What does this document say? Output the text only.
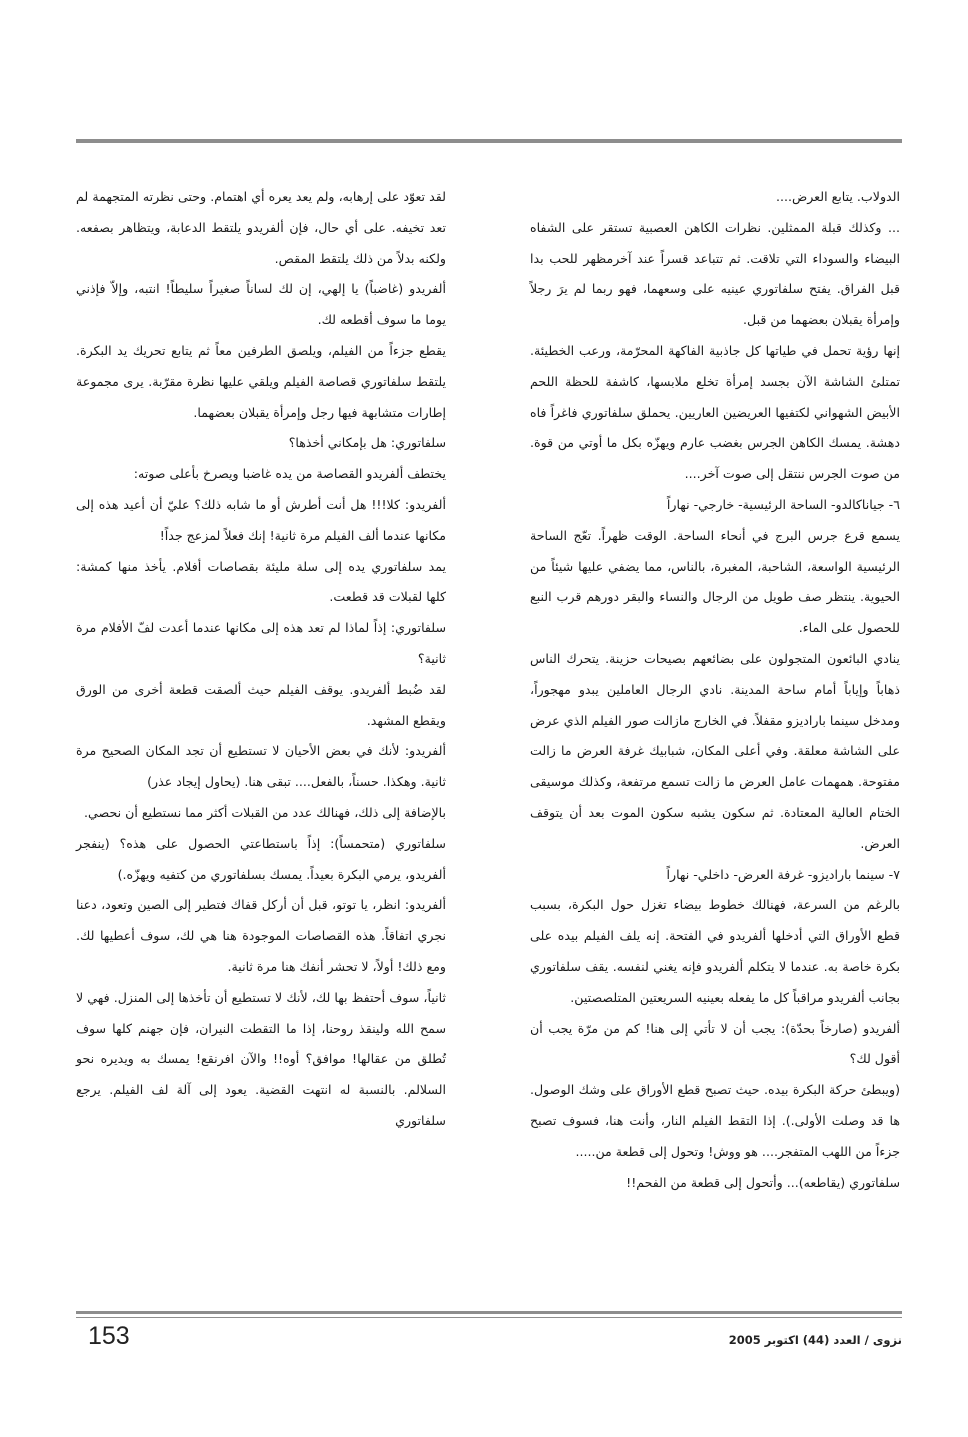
الدولاب. يتابع العرض....

... وكذلك قبلة الممثلين. نظرات الكاهن العصبية تستقر على الشفاه البيضاء والسوداء التي تلاقت. ثم تتباعد قسراً عند آخرمظهر للحب بدا قبل الفراق. يفتح سلفاتوري عينيه على وسعهما، فهو ربما لم يرَ رجلاً وإمرأة يقبلان بعضهما من قبل.

إنها رؤية تحمل في طياتها كل جاذبية الفاكهة المحرّمة، ورعب الخطيئة. تمتلئ الشاشة الآن بجسد إمرأة تخلع ملابسها، كاشفة للحظة اللحم الأبيض الشهواني لكتفيها العريضين العاريين. يحملق سلفاتوري فاغراً فاه دهشة. يمسك الكاهن الجرس بغضب عارم ويهزّه بكل ما أوتي من قوة. من صوت الجرس ننتقل إلى صوت آخر....

٦- جياناكالدو- الساحة الرئيسية- خارجي- نهاراً

يسمع قرع جرس البرج في أنحاء الساحة. الوقت ظهراً. تعّج الساحة الرئيسية الواسعة، الشاحبة، المغبرة، بالناس، مما يضفي عليها شيئاً من الحيوية. ينتظر صف طويل من الرجال والنساء والبقر دورهم قرب النبع للحصول على الماء.

ينادي البائعون المتجولون على بضائعهم بصيحات حزينة. يتحرك الناس ذهاباً وإياباً أمام ساحة المدينة. نادي الرجال العاملين يبدو مهجوراً، ومدخل سينما باراديزو مقفلاً. في الخارج مازالت صور الفيلم الذي عرض على الشاشة معلقة. وفي أعلى المكان، شبابيك غرفة العرض ما زالت مفتوحة. همهمات عامل العرض ما زالت تسمع مرتفعة، وكذلك موسيقى الختام العالية المعتادة. ثم سكون يشبه سكون الموت بعد أن يتوقف العرض.

٧- سينما باراديزو- غرفة العرض- داخلي- نهاراً

بالرغم من السرعة، فهنالك خطوط بيضاء تغزل حول البكرة، بسبب قطع الأوراق التي أدخلها ألفريدو في الفتحة. إنه يلف الفيلم بيده على بكرة خاصة به. عندما لا يتكلم ألفريدو فإنه يغني لنفسه. يقف سلفاتوري بجانب ألفريدو مراقباً كل ما يفعله بعينيه السريعتين المتلصصتين.

ألفريدو (صارخاً بحدّة): يجب أن لا تأتي إلى هنا! كم من مرّة يجب أن أقول لك؟

(ويبطئ حركة البكرة بيده. حيث تصبح قطع الأوراق على وشك الوصول. ها قد وصلت الأولى.). إذا التقط الفيلم النار، وأنت هنا، فسوف تصبح جزءاً من اللهب المتفجر.... هو ووش! وتحول إلى قطعة من.....

سلفاتوري (يقاطعه)... وأتحول إلى قطعة من الفحم!!

لقد تعوّد على إرهابه، ولم يعد يعره أي اهتمام. وحتى نظرته المتجهمة لم تعد تخيفه. على أي حال، فإن ألفريدو يلتقط الدعابة، ويتظاهر بصفعه. ولكنه بدلاً من ذلك يلتقط المقص.

ألفريدو (غاضباً) يا إلهي، إن لك لساناً صغيراً سليطاً! انتبه، وإلاّ فإذني يوما ما سوف أقطعه لك.

يقطع جزءاً من الفيلم، ويلصق الطرفين معاً ثم يتابع تحريك يد البكرة. يلتقط سلفاتوري قصاصة الفيلم ويلقي عليها نظرة مقرّبة. يرى مجموعة إطارات متشابهة فيها رجل وإمرأة يقبلان بعضهما.

سلفاتوري: هل بإمكاني أخذها؟

يختطف ألفريدو القصاصة من يده غاضبا ويصرخ بأعلى صوته:

ألفريدو: كلا!!! هل أنت أطرش أو ما شابه ذلك؟ عليّ أن أعيد هذه إلى مكانها عندما ألف الفيلم مرة ثانية! إنك فعلاً لمزعج جداً!

يمد سلفاتوري يده إلى سلة مليئة بقصاصات أفلام. يأخذ منها كمشة: كلها لقبلات قد قطعت.

سلفاتوري: إذاً لماذا لم تعد هذه إلى مكانها عندما أعدت لفّ الأفلام مرة ثانية؟

لقد ضُبط ألفريدو. يوقف الفيلم حيث ألصقت قطعة أخرى من الورق ويقطع المشهد.

ألفريدو: لأنك في بعض الأحيان لا تستطيع أن تجد المكان الصحيح مرة ثانية. وهكذا. حسناً، بالفعل.... تبقى هنا. (يحاول إيجاد عذر)

بالإضافة إلى ذلك، فهنالك عدد من القبلات أكثر مما نستطيع أن نحصي.

سلفاتوري (متحمساً): إذاً باستطاعتي الحصول على هذه؟ (ينفجر ألفريدو، يرمي البكرة بعيداً. يمسك بسلفاتوري من كتفيه ويهزّه.)

ألفريدو: انظر، يا توتو، قبل أن أركل قفاك فتطير إلى الصين وتعود، دعنا نجري اتفاقاً. هذه القصاصات الموجودة هنا هي لك، سوف أعطيها لك. ومع ذلك! أولاً، لا تحشر أنفك هنا مرة ثانية.

ثانياً، سوف أحتفظ بها لك، لأنك لا تستطيع أن تأخذها إلى المنزل. فهي لا سمح الله ولينقذ روحنا، إذا ما التقطت النيران، فإن جهنم كلها سوف تُطلق من عقالها! موافق؟ أوه!! والآن افرنقع! يمسك به ويديره نحو السلالم. بالنسبة له انتهت القضية. يعود إلى آلة لف الفيلم. يرجع سلفاتوري

153	نزوى / العدد (44) اكتوبر 2005
